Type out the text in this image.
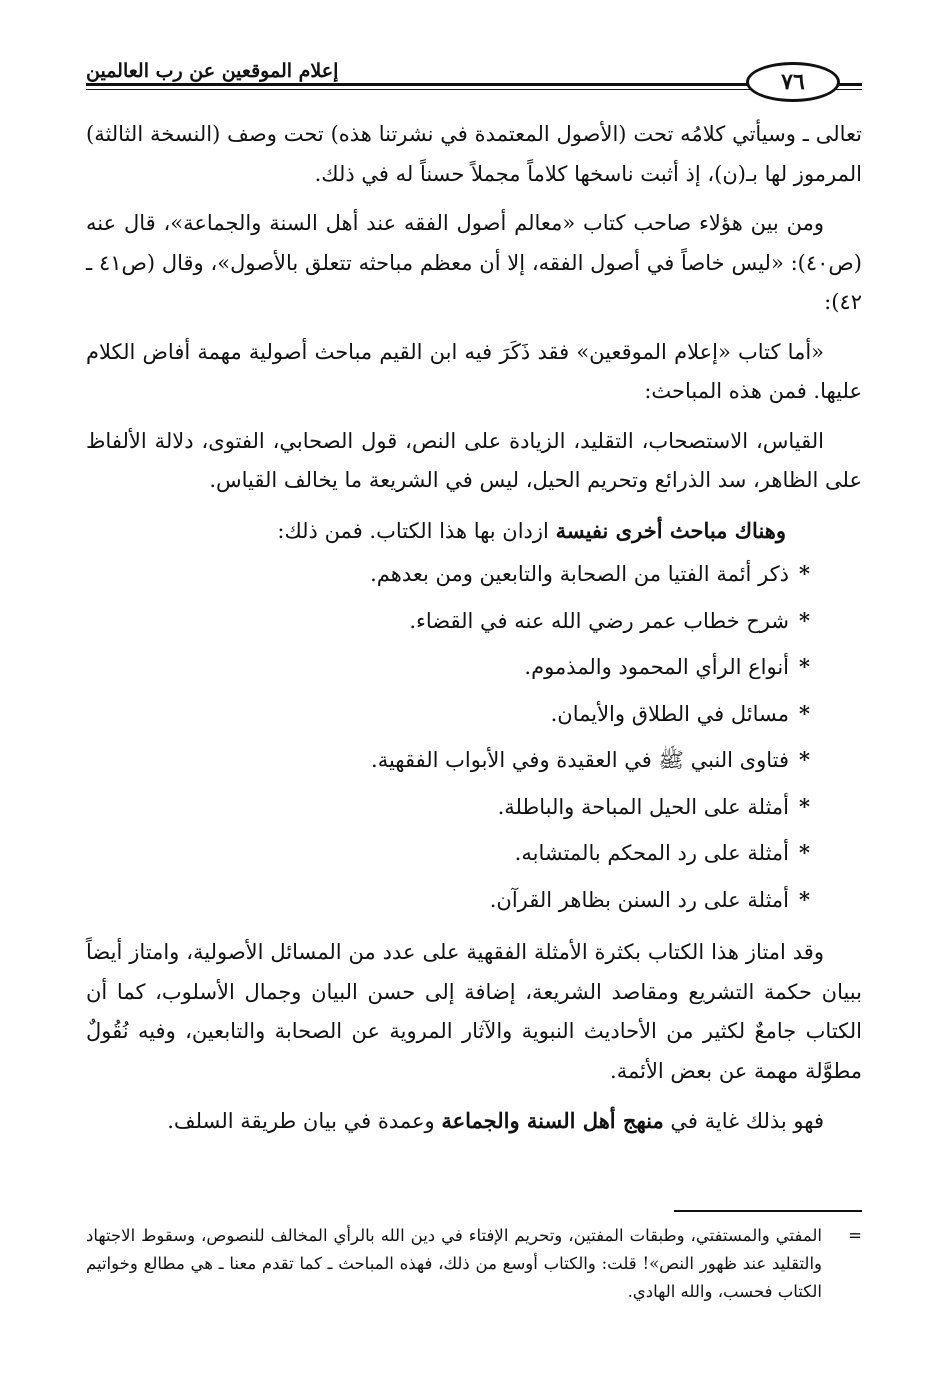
إعلام الموقعين عن رب العالمين	٧٦

تعالى ـ وسيأتي كلامُه تحت (الأصول المعتمدة في نشرتنا هذه) تحت وصف (النسخة الثالثة) المرموز لها بـ(ن)، إذ أثبت ناسخها كلاماً مجملاً حسناً له في ذلك.

ومن بين هؤلاء صاحب كتاب «معالم أصول الفقه عند أهل السنة والجماعة»، قال عنه (ص٤٠): «ليس خاصاً في أصول الفقه، إلا أن معظم مباحثه تتعلق بالأصول»، وقال (ص٤١ ـ ٤٢):

«أما كتاب «إعلام الموقعين» فقد ذَكَرَ فيه ابن القيم مباحث أصولية مهمة أفاض الكلام عليها. فمن هذه المباحث:

القياس، الاستصحاب، التقليد، الزيادة على النص، قول الصحابي، الفتوى، دلالة الألفاظ على الظاهر، سد الذرائع وتحريم الحيل، ليس في الشريعة ما يخالف القياس.

وهناك مباحث أخرى نفيسة ازدان بها هذا الكتاب. فمن ذلك:

*ذكر أئمة الفتيا من الصحابة والتابعين ومن بعدهم.
*شرح خطاب عمر رضي الله عنه في القضاء.
*أنواع الرأي المحمود والمذموم.
*مسائل في الطلاق والأيمان.
*فتاوى النبي ﷺ في العقيدة وفي الأبواب الفقهية.
*أمثلة على الحيل المباحة والباطلة.
*أمثلة على رد المحكم بالمتشابه.
*أمثلة على رد السنن بظاهر القرآن.

وقد امتاز هذا الكتاب بكثرة الأمثلة الفقهية على عدد من المسائل الأصولية، وامتاز أيضاً ببيان حكمة التشريع ومقاصد الشريعة، إضافة إلى حسن البيان وجمال الأسلوب، كما أن الكتاب جامعٌ لكثير من الأحاديث النبوية والآثار المروية عن الصحابة والتابعين، وفيه نُقُولٌ مطوَّلة مهمة عن بعض الأئمة.

فهو بذلك غاية في منهج أهل السنة والجماعة وعمدة في بيان طريقة السلف.

=
المفتي والمستفتي، وطبقات المفتين، وتحريم الإفتاء في دين الله بالرأي المخالف للنصوص، وسقوط الاجتهاد والتقليد عند ظهور النص»! قلت: والكتاب أوسع من ذلك، فهذه المباحث ـ كما تقدم معنا ـ هي مطالع وخواتيم الكتاب فحسب، والله الهادي.
